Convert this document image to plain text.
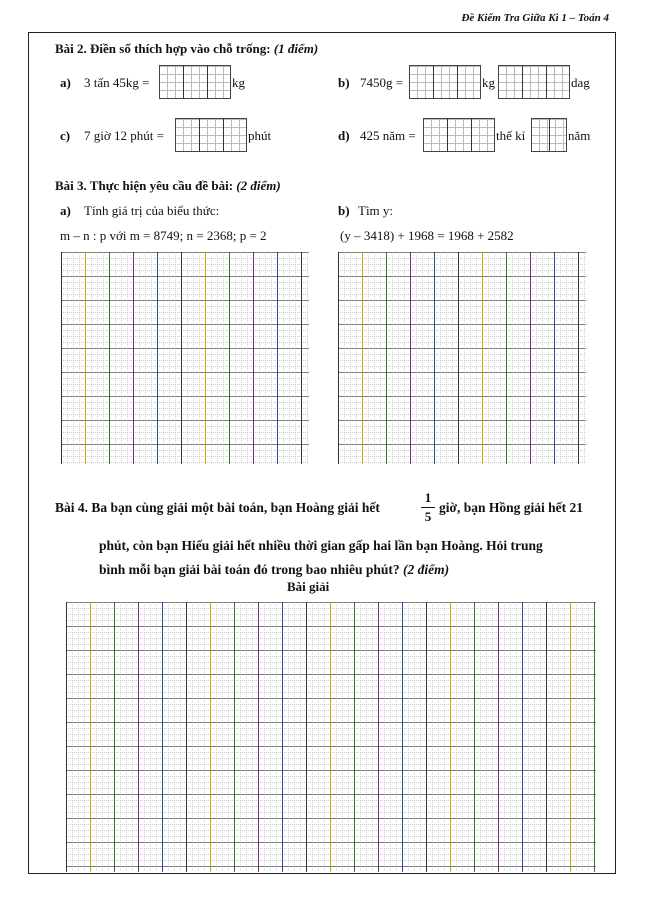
Đề Kiểm Tra Giữa Kì 1 – Toán 4
Bài 2. Điền số thích hợp vào chỗ trống: (1 điểm)
a) 3 tấn 45kg =	kg	b) 7450g =	kg	dag
c) 7 giờ 12 phút =	phút	d) 425 năm =	thế kỉ	năm
Bài 3. Thực hiện yêu cầu đề bài: (2 điểm)
a) Tính giá trị của biểu thức:
m – n : p với m = 8749; n = 2368; p = 2
b) Tìm y:
(y – 3418) + 1968 = 1968 + 2582
Bài 4. Ba bạn cùng giải một bài toán, bạn Hoàng giải hết
1
5
giờ, bạn Hồng giải hết 21
phút, còn bạn Hiếu giải hết nhiều thời gian gấp hai lần bạn Hoàng. Hỏi trung
bình mỗi bạn giải bài toán đó trong bao nhiêu phút? (2 điểm)
Bài giải
